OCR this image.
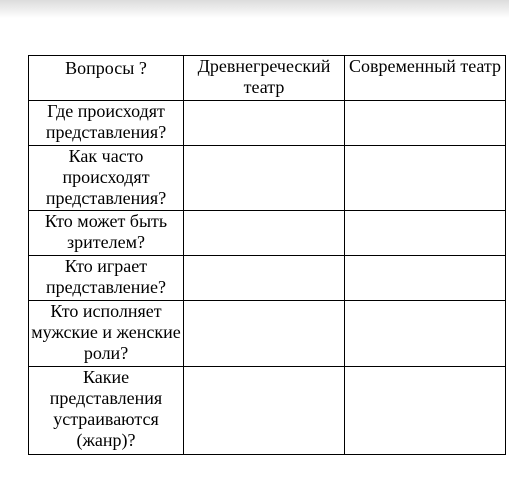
Вопросы ?	Древнегреческий театр	Современный театр
Где происходят представления?		
Как часто происходят представления?		
Кто может быть зрителем?		
Кто играет представление?		
Кто исполняет мужские и женские роли?		
Какие представления устраиваются (жанр)?		
